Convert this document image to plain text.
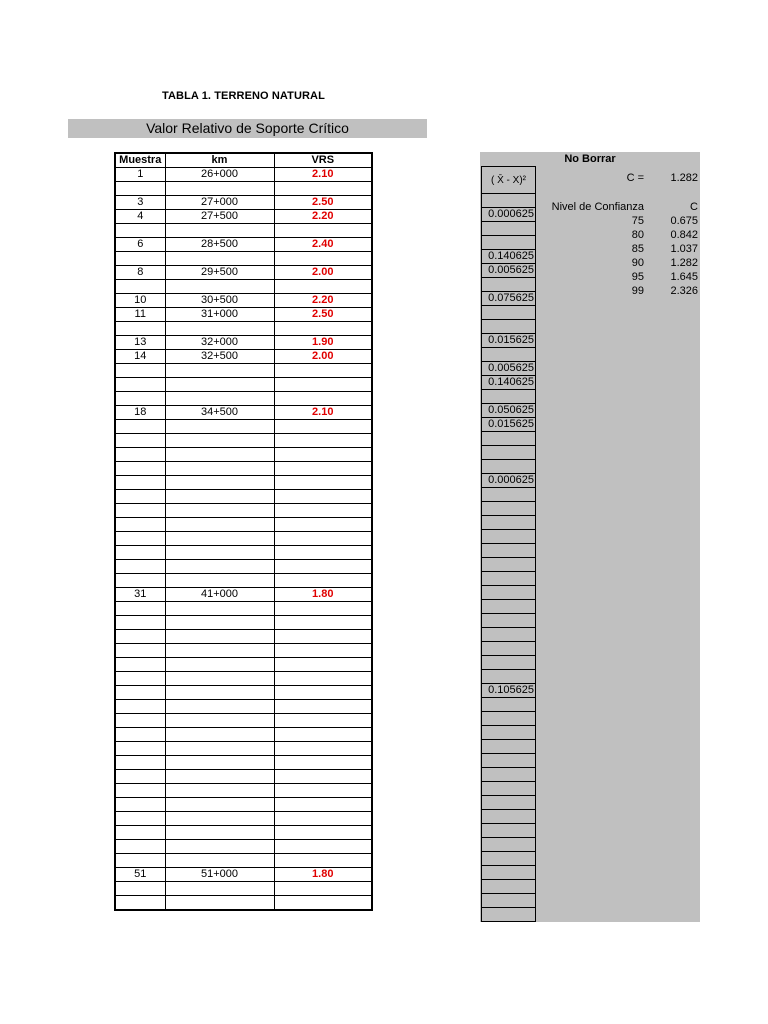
TABLA 1. TERRENO NATURAL
Valor Relativo de Soporte Crítico
Muestra	km	VRS
1	26+000	2.10

3	27+000	2.50
4	27+500	2.20

6	28+500	2.40

8	29+500	2.00

10	30+500	2.20
11	31+000	2.50

13	32+000	1.90
14	32+500	2.00

18	34+500	2.10

31	41+000	1.80

51	51+000	1.80

No Borrar
( X̄ - X)²

0.000625

0.140625
0.005625

0.075625

0.015625

0.005625
0.140625

0.050625
0.015625

0.000625

0.105625

C =	1.282
Nivel de Confianza	C
75	0.675
80	0.842
85	1.037
90	1.282
95	1.645
99	2.326
